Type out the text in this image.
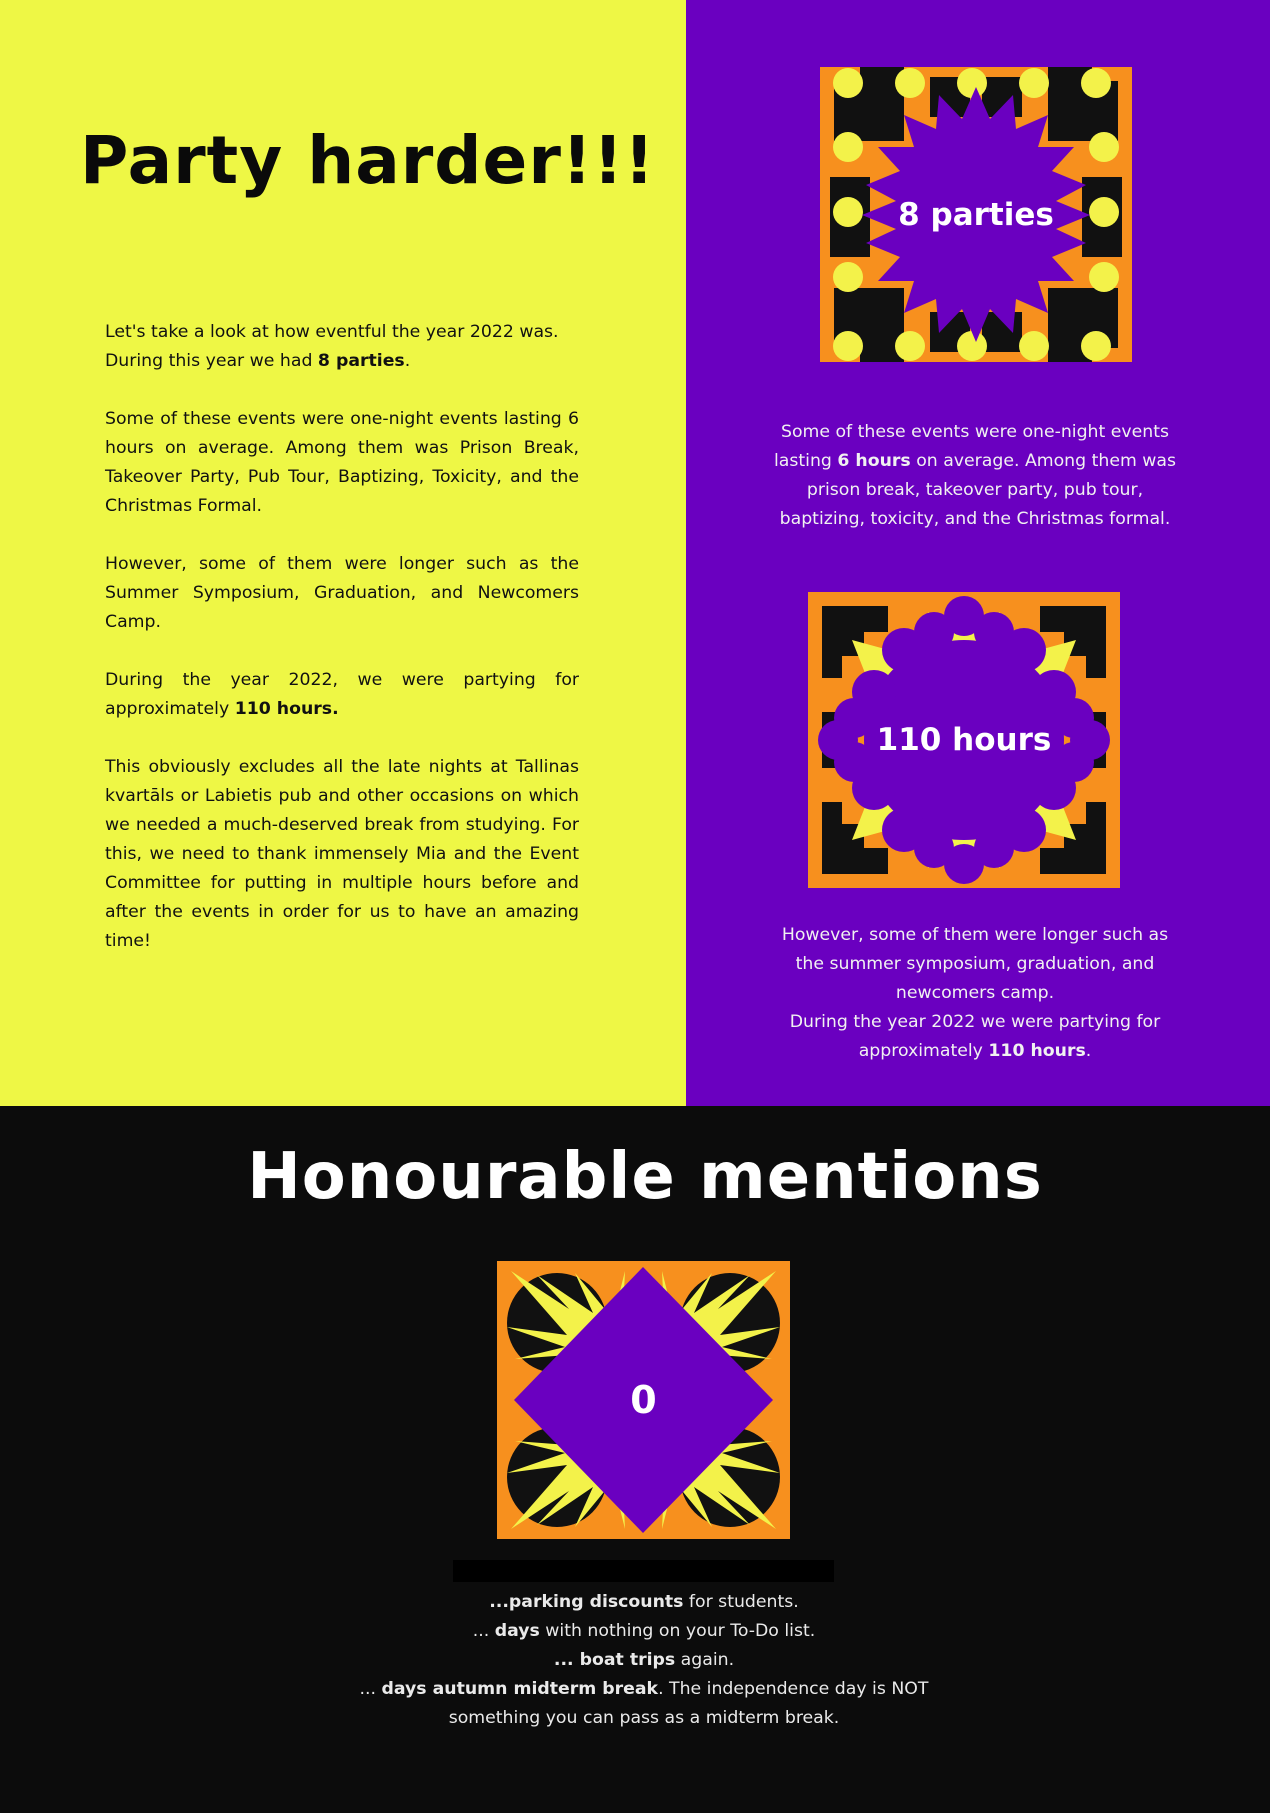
Party harder!!!

Let's take a look at how eventful the year 2022 was.
During this year we had 8 parties.

Some of these events were one-night events lasting 6 hours on average. Among them was Prison Break, Takeover Party, Pub Tour, Baptizing, Toxicity, and the Christmas Formal.

However, some of them were longer such as the Summer Symposium, Graduation, and Newcomers Camp.

During the year 2022, we were partying for approximately 110 hours.

This obviously excludes all the late nights at Tallinas kvartāls or Labietis pub and other occasions on which we needed a much-deserved break from studying. For this, we need to thank immensely Mia and the Event Committee for putting in multiple hours before and after the events in order for us to have an amazing time!

8 parties

Some of these events were one-night events

lasting 6 hours on average. Among them was

prison break, takeover party, pub tour,

baptizing, toxicity, and the Christmas formal.

110 hours

However, some of them were longer such as

the summer symposium, graduation, and

newcomers camp.

During the year 2022 we were partying for

approximately 110 hours.

Honourable mentions
0

...parking discounts for students.

... days with nothing on your To-Do list.

... boat trips again.

... days autumn midterm break. The independence day is NOT

something you can pass as a midterm break.
